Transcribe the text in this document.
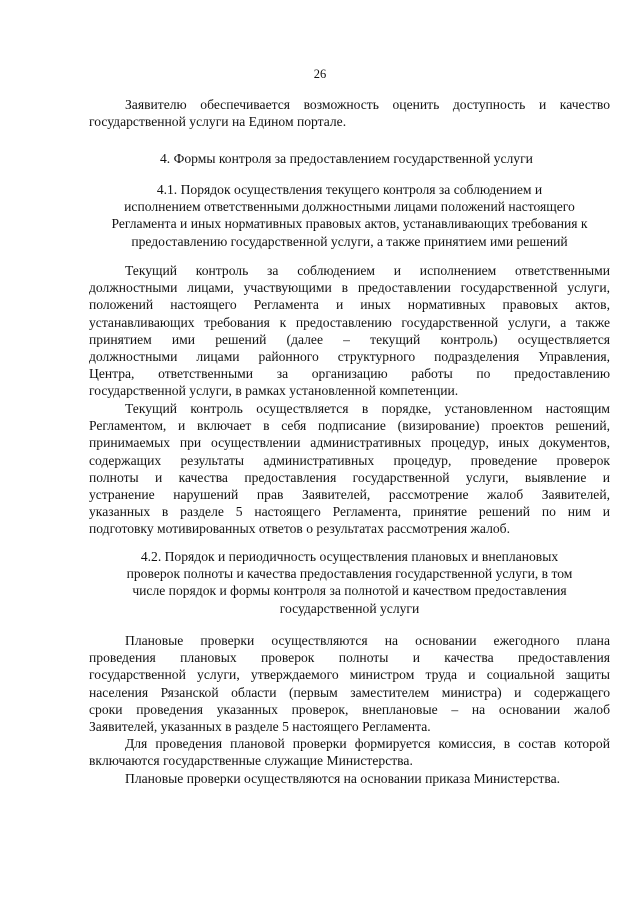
26
Заявителю обеспечивается возможность оценить доступность и качество
государственной услуги на Едином портале.
4. Формы контроля за предоставлением государственной услуги
4.1. Порядок осуществления текущего контроля за соблюдением и
исполнением ответственными должностными лицами положений настоящего
Регламента и иных нормативных правовых актов, устанавливающих требования к
предоставлению государственной услуги, а также принятием ими решений
Текущий контроль за соблюдением и исполнением ответственными
должностными лицами, участвующими в предоставлении государственной услуги,
положений настоящего Регламента и иных нормативных правовых актов,
устанавливающих требования к предоставлению государственной услуги, а также
принятием ими решений (далее – текущий контроль) осуществляется
должностными лицами районного структурного подразделения Управления,
Центра, ответственными за организацию работы по предоставлению
государственной услуги, в рамках установленной компетенции.
Текущий контроль осуществляется в порядке, установленном настоящим
Регламентом, и включает в себя подписание (визирование) проектов решений,
принимаемых при осуществлении административных процедур, иных документов,
содержащих результаты административных процедур, проведение проверок
полноты и качества предоставления государственной услуги, выявление и
устранение нарушений прав Заявителей, рассмотрение жалоб Заявителей,
указанных в разделе 5 настоящего Регламента, принятие решений по ним и
подготовку мотивированных ответов о результатах рассмотрения жалоб.
4.2. Порядок и периодичность осуществления плановых и внеплановых
проверок полноты и качества предоставления государственной услуги, в том
числе порядок и формы контроля за полнотой и качеством предоставления
государственной услуги
Плановые проверки осуществляются на основании ежегодного плана
проведения плановых проверок полноты и качества предоставления
государственной услуги, утверждаемого министром труда и социальной защиты
населения Рязанской области (первым заместителем министра) и содержащего
сроки проведения указанных проверок, внеплановые – на основании жалоб
Заявителей, указанных в разделе 5 настоящего Регламента.
Для проведения плановой проверки формируется комиссия, в состав которой
включаются государственные служащие Министерства.
Плановые проверки осуществляются на основании приказа Министерства.
